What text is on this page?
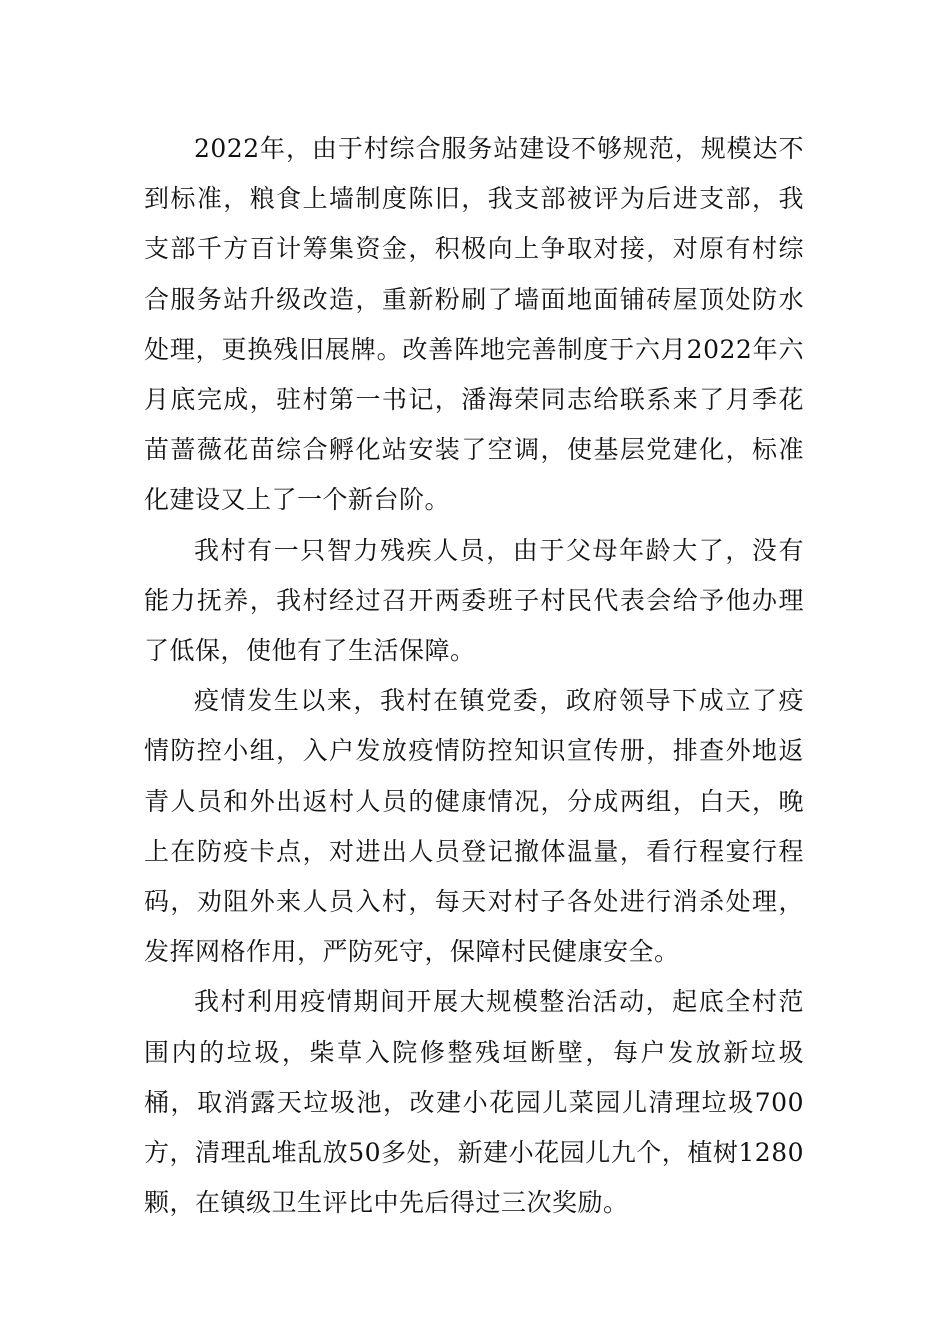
2022年，由于村综合服务站建设不够规范，规模达不到标准，粮食上墙制度陈旧，我支部被评为后进支部，我支部千方百计筹集资金，积极向上争取对接，对原有村综合服务站升级改造，重新粉刷了墙面地面铺砖屋顶处防水处理，更换残旧展牌。改善阵地完善制度于六月2022年六月底完成，驻村第一书记，潘海荣同志给联系来了月季花苗蔷薇花苗综合孵化站安装了空调，使基层党建化，标准化建设又上了一个新台阶。

我村有一只智力残疾人员，由于父母年龄大了，没有能力抚养，我村经过召开两委班子村民代表会给予他办理了低保，使他有了生活保障。

疫情发生以来，我村在镇党委，政府领导下成立了疫情防控小组，入户发放疫情防控知识宣传册，排查外地返青人员和外出返村人员的健康情况，分成两组，白天，晚上在防疫卡点，对进出人员登记撤体温量，看行程宴行程码，劝阻外来人员入村，每天对村子各处进行消杀处理，发挥网格作用，严防死守，保障村民健康安全。

我村利用疫情期间开展大规模整治活动，起底全村范围内的垃圾，柴草入院修整残垣断壁，每户发放新垃圾桶，取消露天垃圾池，改建小花园儿菜园儿清理垃圾700方，清理乱堆乱放50多处，新建小花园儿九个，植树1280颗，在镇级卫生评比中先后得过三次奖励。
